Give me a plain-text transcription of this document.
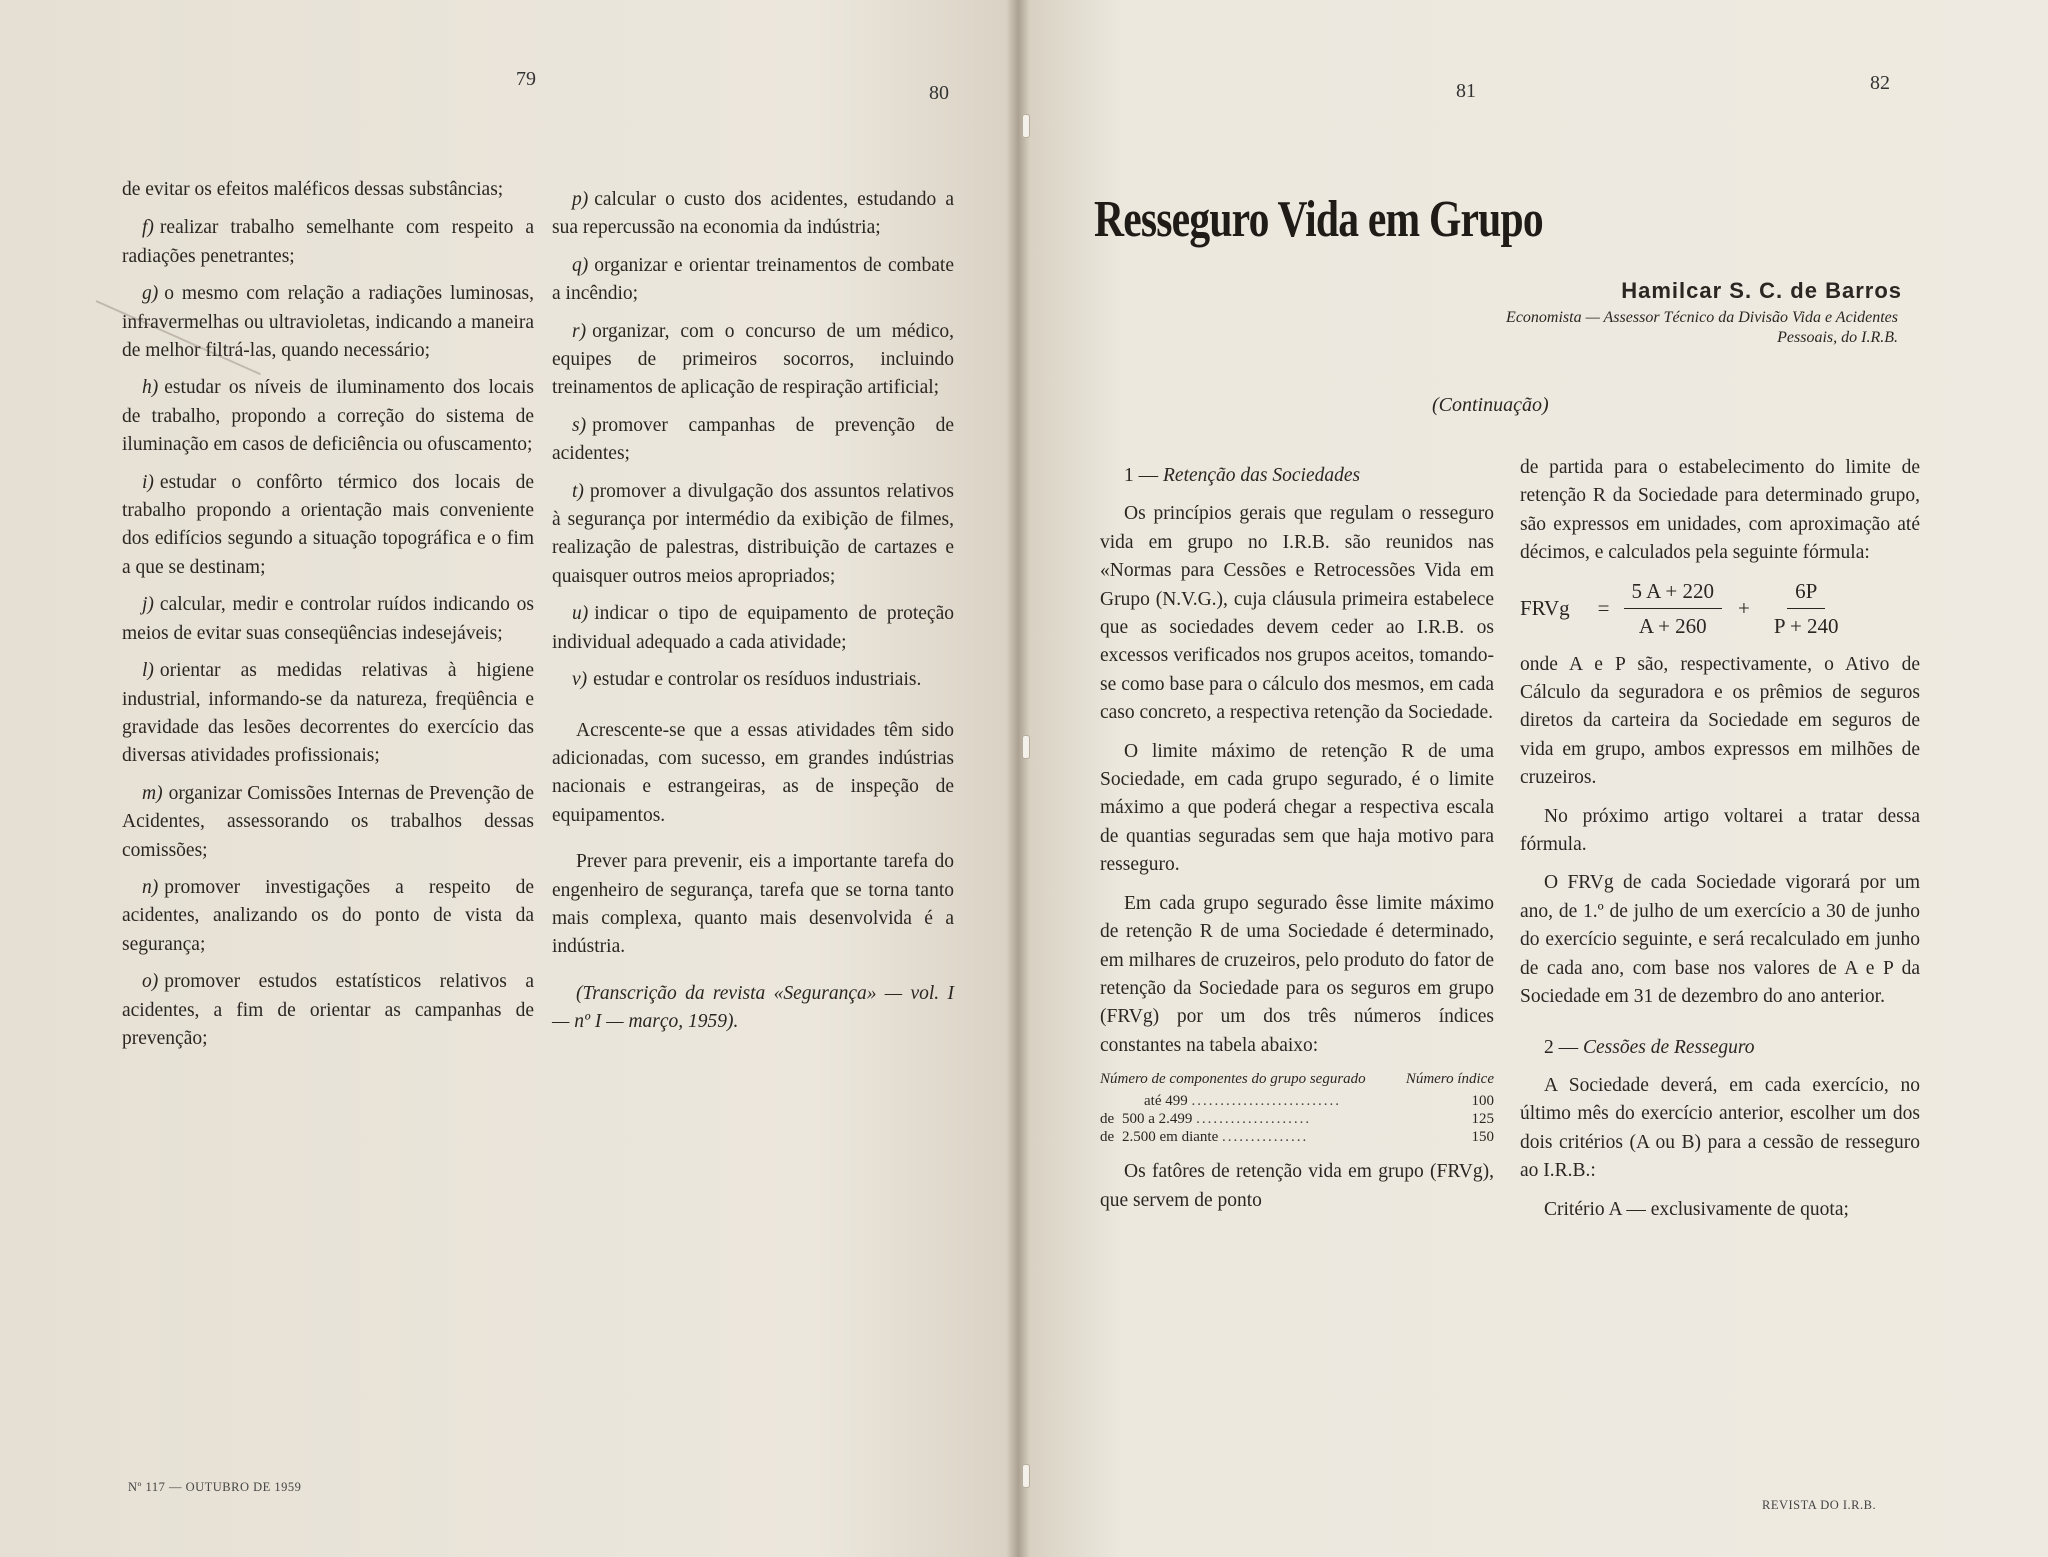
79
80

de evitar os efeitos maléficos dessas substâncias;

f) realizar trabalho semelhante com respeito a radiações penetrantes;
g) o mesmo com relação a radiações luminosas, infravermelhas ou ultravioletas, indicando a maneira de melhor filtrá-las, quando necessário;
h) estudar os níveis de iluminamento dos locais de trabalho, propondo a correção do sistema de iluminação em casos de deficiência ou ofuscamento;
i) estudar o confôrto térmico dos locais de trabalho propondo a orientação mais conveniente dos edifícios segundo a situação topográfica e o fim a que se destinam;
j) calcular, medir e controlar ruídos indicando os meios de evitar suas conseqüências indesejáveis;
l) orientar as medidas relativas à higiene industrial, informando-se da natureza, freqüência e gravidade das lesões decorrentes do exercício das diversas atividades profissionais;
m) organizar Comissões Internas de Prevenção de Acidentes, assessorando os trabalhos dessas comissões;
n) promover investigações a respeito de acidentes, analizando os do ponto de vista da segurança;
o) promover estudos estatísticos relativos a acidentes, a fim de orientar as campanhas de prevenção;
p) calcular o custo dos acidentes, estudando a sua repercussão na economia da indústria;
q) organizar e orientar treinamentos de combate a incêndio;
r) organizar, com o concurso de um médico, equipes de primeiros socorros, incluindo treinamentos de aplicação de respiração artificial;
s) promover campanhas de prevenção de acidentes;
t) promover a divulgação dos assuntos relativos à segurança por intermédio da exibição de filmes, realização de palestras, distribuição de cartazes e quaisquer outros meios apropriados;
u) indicar o tipo de equipamento de proteção individual adequado a cada atividade;
v) estudar e controlar os resíduos industriais.

Acrescente-se que a essas atividades têm sido adicionadas, com sucesso, em grandes indústrias nacionais e estrangeiras, as de inspeção de equipamentos.

Prever para prevenir, eis a importante tarefa do engenheiro de segurança, tarefa que se torna tanto mais complexa, quanto mais desenvolvida é a indústria.

(Transcrição da revista «Segurança» — vol. I — nº I — março, 1959).

Nº 117 — OUTUBRO DE 1959
81	82
REVISTA DO I.R.B.
Resseguro Vida em Grupo
Hamilcar S. C. de Barros
Economista — Assessor Técnico da Divisão Vida e Acidentes Pessoais, do I.R.B.
(Continuação)

1 — Retenção das Sociedades

Os princípios gerais que regulam o resseguro vida em grupo no I.R.B. são reunidos nas «Normas para Cessões e Retrocessões Vida em Grupo (N.V.G.), cuja cláusula primeira estabelece que as sociedades devem ceder ao I.R.B. os excessos verificados nos grupos aceitos, tomando-se como base para o cálculo dos mesmos, em cada caso concreto, a respectiva retenção da Sociedade.

O limite máximo de retenção R de uma Sociedade, em cada grupo segurado, é o limite máximo a que poderá chegar a respectiva escala de quantias seguradas sem que haja motivo para resseguro.

Em cada grupo segurado êsse limite máximo de retenção R de uma Sociedade é determinado, em milhares de cruzeiros, pelo produto do fator de retenção da Sociedade para os seguros em grupo (FRVg) por um dos três números índices constantes na tabela abaixo:

Número de componentes do grupo segurado	Número índice
até 499 ..........................	100
de 500 a 2.499 ....................	125
de 2.500 em diante ...............	150

Os fatôres de retenção vida em grupo (FRVg), que servem de ponto

de partida para o estabelecimento do limite de retenção R da Sociedade para determinado grupo, são expressos em unidades, com aproximação até décimos, e calculados pela seguinte fórmula:

FRVg = $\frac{5 A + 220}{A + 260} + \frac{6P}{P + 240}$

onde A e P são, respectivamente, o Ativo de Cálculo da seguradora e os prêmios de seguros diretos da carteira da Sociedade em seguros de vida em grupo, ambos expressos em milhões de cruzeiros.

No próximo artigo voltarei a tratar dessa fórmula.

O FRVg de cada Sociedade vigorará por um ano, de 1.º de julho de um exercício a 30 de junho do exercício seguinte, e será recalculado em junho de cada ano, com base nos valores de A e P da Sociedade em 31 de dezembro do ano anterior.

2 — Cessões de Resseguro

A Sociedade deverá, em cada exercício, no último mês do exercício anterior, escolher um dos dois critérios (A ou B) para a cessão de resseguro ao I.R.B.:

Critério A — exclusivamente de quota;
